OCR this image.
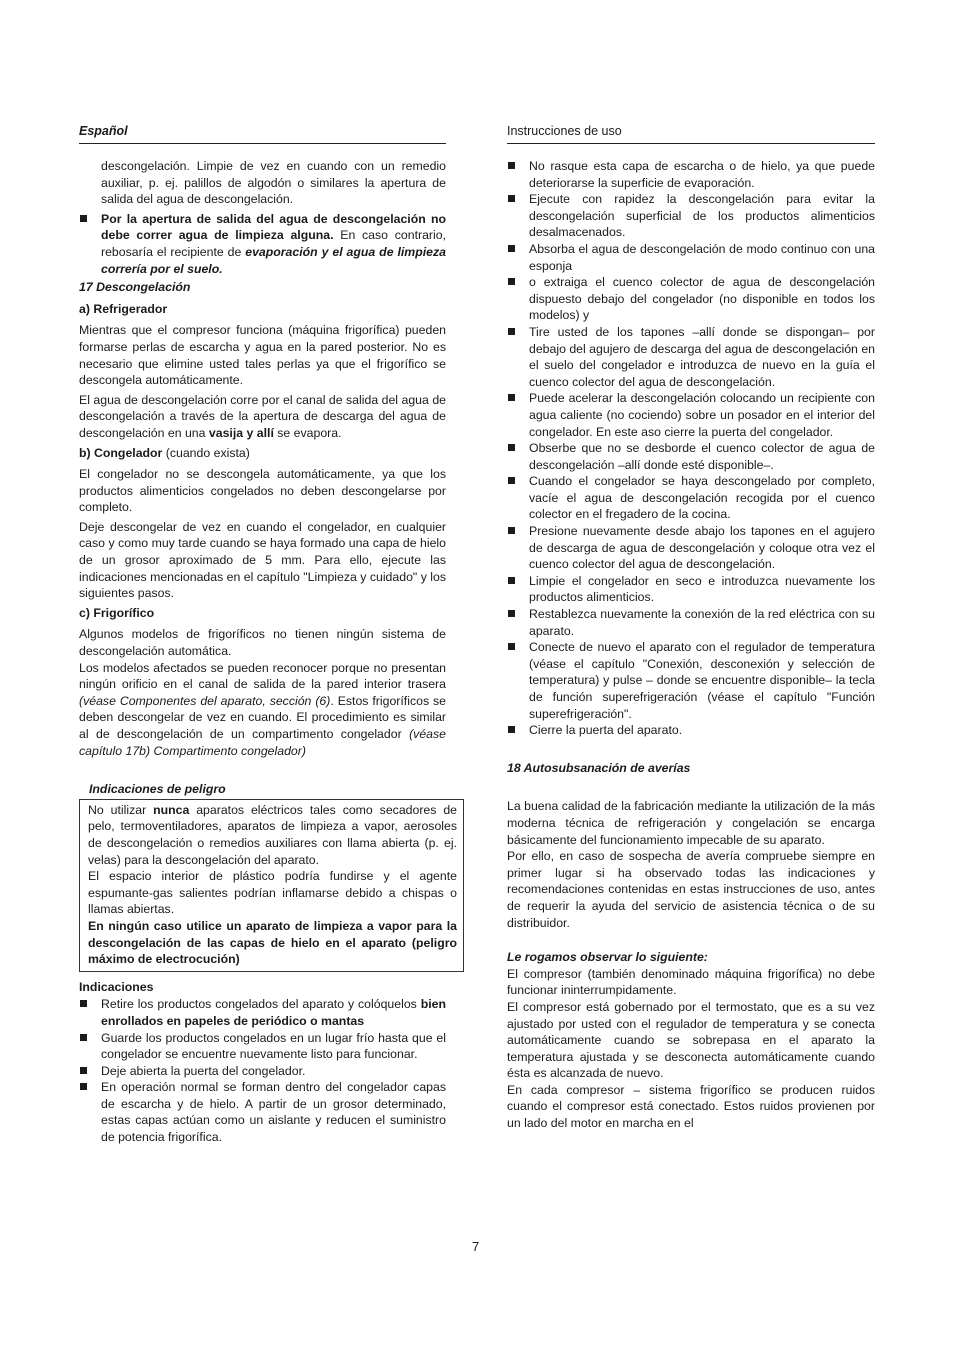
Español	Instrucciones de uso

descongelación. Limpie de vez en cuando con un remedio auxiliar, p. ej. palillos de algodón o similares la apertura de salida del agua de descongelación.

Por la apertura de salida del agua de descongelación no debe correr agua de limpieza alguna. En caso contrario, rebosaría el recipiente de evaporación y el agua de limpieza correría por el suelo.
17 Descongelación
a) Refrigerador

Mientras que el compresor funciona (máquina frigorífica) pueden formarse perlas de escarcha y agua en la pared posterior. No es necesario que elimine usted tales perlas ya que el frigorífico se descongela automáticamente.

El agua de descongelación corre por el canal de salida del agua de descongelación a través de la apertura de descarga del agua de descongelación en una vasija y allí se evapora.

b) Congelador (cuando exista)

El congelador no se descongela automáticamente, ya que los productos alimenticios congelados no deben descongelarse por completo.

Deje descongelar de vez en cuando el congelador, en cualquier caso y como muy tarde cuando se haya formado una capa de hielo de un grosor aproximado de 5 mm. Para ello, ejecute las indicaciones mencionadas en el capítulo "Limpieza y cuidado" y los siguientes pasos.

c) Frigorífico

Algunos modelos de frigoríficos no tienen ningún sistema de descongelación automática.

Los modelos afectados se pueden reconocer porque no presentan ningún orificio en el canal de salida de la pared interior trasera (véase Componentes del aparato, sección (6). Estos frigoríficos se deben descongelar de vez en cuando. El procedimiento es similar al de descongelación de un compartimento congelador (véase capítulo 17b) Compartimento congelador)

Indicaciones de peligro

No utilizar nunca aparatos eléctricos tales como secadores de pelo, termoventiladores, aparatos de limpieza a vapor, aerosoles de descongelación o remedios auxiliares con llama abierta (p. ej. velas) para la descongelación del aparato.

El espacio interior de plástico podría fundirse y el agente espumante-gas salientes podrían inflamarse debido a chispas o llamas abiertas.

En ningún caso utilice un aparato de limpieza a vapor para la descongelación de las capas de hielo en el aparato (peligro máximo de electrocución)

Indicaciones
Retire los productos congelados del aparato y colóquelos bien enrollados en papeles de periódico o mantas
Guarde los productos congelados en un lugar frío hasta que el congelador se encuentre nuevamente listo para funcionar.
Deje abierta la puerta del congelador.
En operación normal se forman dentro del congelador capas de escarcha y de hielo. A partir de un grosor determinado, estas capas actúan como un aislante y reducen el suministro de potencia frigorífica.
No rasque esta capa de escarcha o de hielo, ya que puede deteriorarse la superficie de evaporación.
Ejecute con rapidez la descongelación para evitar la descongelación superficial de los productos alimenticios desalmacenados.
Absorba el agua de descongelación de modo continuo con una esponja
o extraiga el cuenco colector de agua de descongelación dispuesto debajo del congelador (no disponible en todos los modelos) y
Tire usted de los tapones –allí donde se dispongan– por debajo del agujero de descarga del agua de descongelación en el suelo del congelador e introduzca de nuevo en la guía el cuenco colector del agua de descongelación.
Puede acelerar la descongelación colocando un recipiente con agua caliente (no cociendo) sobre un posador en el interior del congelador. En este aso cierre la puerta del congelador.
Obserbe que no se desborde el cuenco colector de agua de descongelación –allí donde esté disponible–.
Cuando el congelador se haya descongelado por completo, vacíe el agua de descongelación recogida por el cuenco colector en el fregadero de la cocina.
Presione nuevamente desde abajo los tapones en el agujero de descarga de agua de descongelación y coloque otra vez el cuenco colector del agua de descongelación.
Limpie el congelador en seco e introduzca nuevamente los productos alimenticios.
Restablezca nuevamente la conexión de la red eléctrica con su aparato.
Conecte de nuevo el aparato con el regulador de temperatura (véase el capítulo "Conexión, desconexión y selección de temperatura) y pulse – donde se encuentre disponible– la tecla de función superefrigeración (véase el capítulo "Función superefrigeración".
Cierre la puerta del aparato.
18 Autosubsanación de averías

La buena calidad de la fabricación mediante la utilización de la más moderna técnica de refrigeración y congelación se encarga básicamente del funcionamiento impecable de su aparato.

Por ello, en caso de sospecha de avería compruebe siempre en primer lugar si ha observado todas las indicaciones y recomendaciones contenidas en estas instrucciones de uso, antes de requerir la ayuda del servicio de asistencia técnica o de su distribuidor.

Le rogamos observar lo siguiente:

El compresor (también denominado máquina frigorífica) no debe funcionar ininterrumpidamente.

El compresor está gobernado por el termostato, que es a su vez ajustado por usted con el regulador de temperatura y se conecta automáticamente cuando se sobrepasa en el aparato la temperatura ajustada y se desconecta automáticamente cuando ésta es alcanzada de nuevo.

En cada compresor – sistema frigorífico se producen ruidos cuando el compresor está conectado. Estos ruidos provienen por un lado del motor en marcha en el

7
